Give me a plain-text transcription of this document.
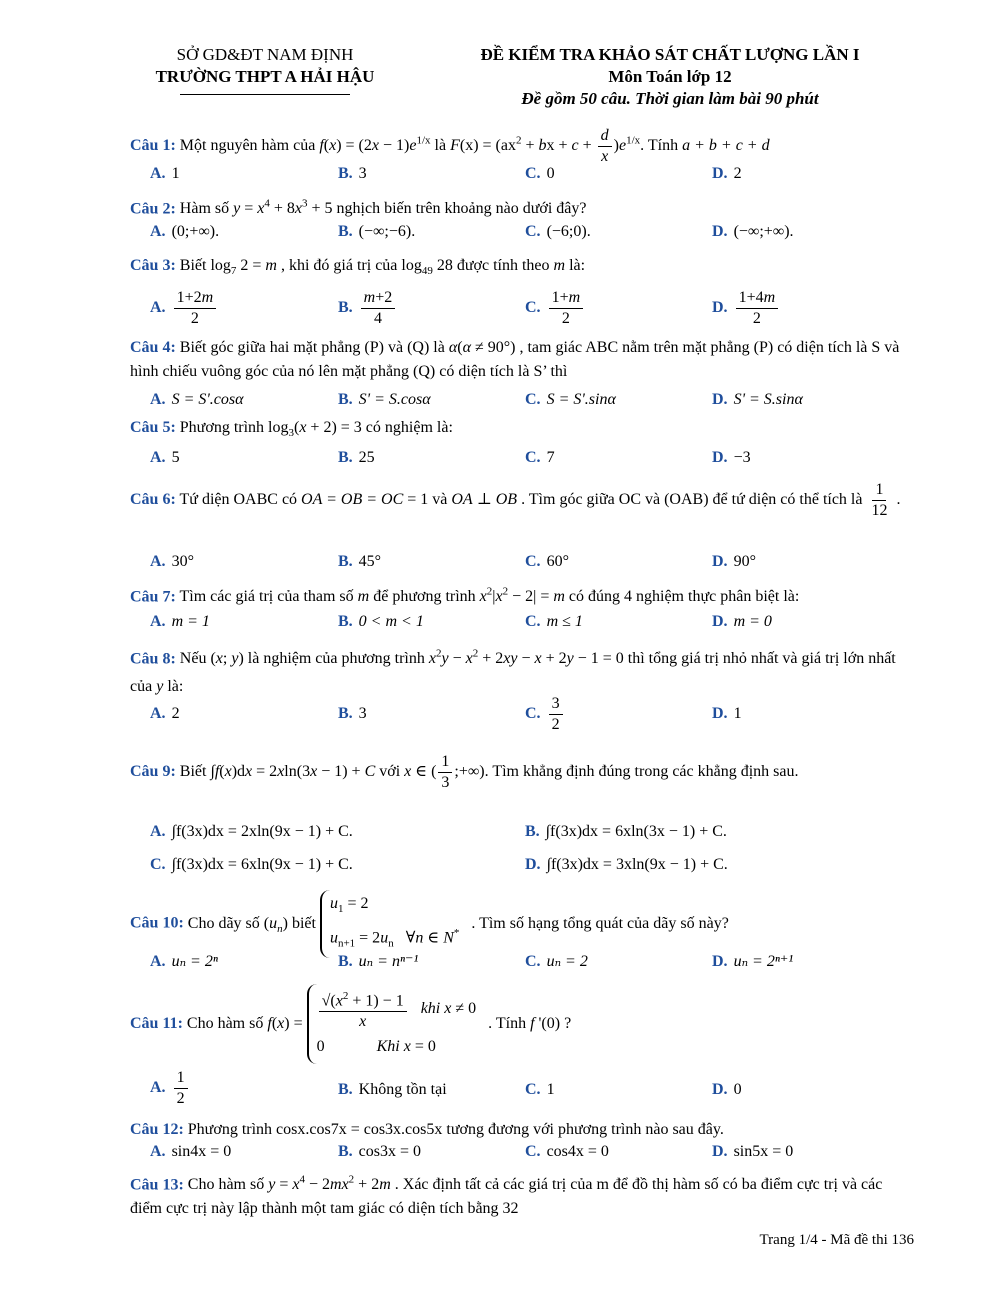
SỞ GD&ĐT NAM ĐỊNH
TRƯỜNG THPT A HẢI HẬU
ĐỀ KIỂM TRA KHẢO SÁT CHẤT LƯỢNG LẦN I
Môn Toán lớp 12
Đề gồm 50 câu. Thời gian làm bài 90 phút
Câu 1: Một nguyên hàm của $f(x) = (2x - 1)e^{1/x}$ là $F(x) = (ax^2$ + bx + $c + \frac{d}{x} )e^{1/x}$. Tính a + b + c + d
A. 1	B. 3	C. 0	D. 2
Câu 2: Hàm số $y = x^4 + 8x^3 + 5$ nghịch biến trên khoảng nào dưới đây?
A. (0;+∞).	B. (−∞;−6).	C. (−6;0).	D. (−∞;+∞).
Câu 3: Biết $\log_7 2 = m$ , khi đó giá trị của $\log_{49} 28$ được tính theo m là:
A. $\frac{1+2m}{2}$	B. $\frac{m+2}{4}$	C. $\frac{1+m}{2}$	D. $\frac{1+4m}{2}$
Câu 4: Biết góc giữa hai mặt phẳng (P) và (Q) là α(α ≠ 90°) , tam giác ABC nằm trên mặt phẳng (P) có diện tích là S và hình chiếu vuông góc của nó lên mặt phẳng (Q) có diện tích là S’ thì
A. S = S'.cosα	B. S' = S.cosα	C. S = S'.sinα	D. S' = S.sinα
Câu 5: Phương trình $\log_3(x + 2) = 3$ có nghiệm là:
A. 5	B. 25	C. 7	D. −3
Câu 6: Tứ diện OABC có OA = OB = OC = 1 và OA ⊥ OB . Tìm góc giữa OC và (OAB) để tứ diện có thể tích là $\frac{1}{12}$ .
A. 30°	B. 45°	C. 60°	D. 90°
Câu 7: Tìm các giá trị của tham số m để phương trình $x^2|x^2 - 2| = m$ có đúng 4 nghiệm thực phân biệt là:
A. m = 1	B. 0 < m < 1	C. m ≤ 1	D. m = 0
Câu 8: Nếu (x; y) là nghiệm của phương trình $x^2y - x^2 + 2xy - x + 2y - 1 = 0$ thì tổng giá trị nhỏ nhất và giá trị lớn nhất của y là:
A. 2	B. 3	C. $\frac{3}{2}$	D. 1
Câu 9: Biết ∫f(x)dx = 2xln(3x − 1) + C với x ∈ ( $\frac{1}{3}$ ;+∞). Tìm khẳng định đúng trong các khẳng định sau.
A. ∫f(3x)dx = 2xln(9x − 1) + C.	B. ∫f(3x)dx = 6xln(3x − 1) + C.
C. ∫f(3x)dx = 6xln(9x − 1) + C.	D. ∫f(3x)dx = 3xln(9x − 1) + C.
Câu 10: Cho dãy số $(u_n)$ biết $u_1 = 2$
$u_{n+1} = 2u_n$   ∀n ∈ N* . Tìm số hạng tổng quát của dãy số này?
A. uₙ = 2ⁿ	B. uₙ = nⁿ⁻¹	C. uₙ = 2	D. uₙ = 2ⁿ⁺¹
Câu 11: Cho hàm số $f(x) = \frac{√(x^2 + 1) - 1}{x}$ khi x ≠ 0
0             Khi x = 0 . Tính f '(0) ?
A. $\frac{1}{2}$	B. Không tồn tại	C. 1	D. 0
Câu 12: Phương trình cosx.cos7x = cos3x.cos5x tương đương với phương trình nào sau đây.
A. sin4x = 0	B. cos3x = 0	C. cos4x = 0	D. sin5x = 0
Câu 13: Cho hàm số $y = x^4 - 2mx^2 + 2m$ . Xác định tất cả các giá trị của m để đồ thị hàm số có ba điểm cực trị và các điểm cực trị này lập thành một tam giác có diện tích bằng 32
Trang 1/4 - Mã đề thi 136
